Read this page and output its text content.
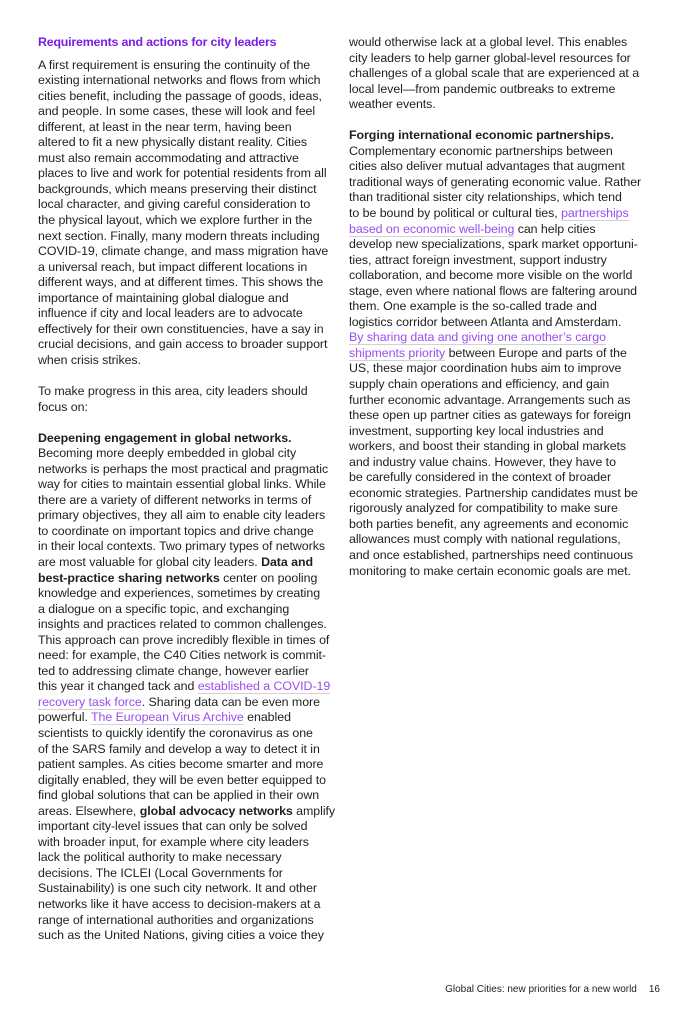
Requirements and actions for city leaders

A first requirement is ensuring the continuity of the
existing international networks and flows from which
cities benefit, including the passage of goods, ideas,
and people. In some cases, these will look and feel
different, at least in the near term, having been
altered to fit a new physically distant reality. Cities
must also remain accommodating and attractive
places to live and work for potential residents from all
backgrounds, which means preserving their distinct
local character, and giving careful consideration to
the physical layout, which we explore further in the
next section. Finally, many modern threats including
COVID-19, climate change, and mass migration have
a universal reach, but impact different locations in
different ways, and at different times. This shows the
importance of maintaining global dialogue and
influence if city and local leaders are to advocate
effectively for their own constituencies, have a say in
crucial decisions, and gain access to broader support
when crisis strikes.

To make progress in this area, city leaders should
focus on:

Deepening engagement in global networks.
Becoming more deeply embedded in global city
networks is perhaps the most practical and pragmatic
way for cities to maintain essential global links. While
there are a variety of different networks in terms of
primary objectives, they all aim to enable city leaders
to coordinate on important topics and drive change
in their local contexts. Two primary types of networks
are most valuable for global city leaders. Data and
best-practice sharing networks center on pooling
knowledge and experiences, sometimes by creating
a dialogue on a specific topic, and exchanging
insights and practices related to common challenges.
This approach can prove incredibly flexible in times of
need: for example, the C40 Cities network is commit-
ted to addressing climate change, however earlier
this year it changed tack and established a COVID-19
recovery task force. Sharing data can be even more
powerful. The European Virus Archive enabled
scientists to quickly identify the coronavirus as one
of the SARS family and develop a way to detect it in
patient samples. As cities become smarter and more
digitally enabled, they will be even better equipped to
find global solutions that can be applied in their own
areas. Elsewhere, global advocacy networks amplify
important city-level issues that can only be solved
with broader input, for example where city leaders
lack the political authority to make necessary
decisions. The ICLEI (Local Governments for
Sustainability) is one such city network. It and other
networks like it have access to decision-makers at a
range of international authorities and organizations
such as the United Nations, giving cities a voice they

would otherwise lack at a global level. This enables
city leaders to help garner global-level resources for
challenges of a global scale that are experienced at a
local level—from pandemic outbreaks to extreme
weather events.

Forging international economic partnerships.
Complementary economic partnerships between
cities also deliver mutual advantages that augment
traditional ways of generating economic value. Rather
than traditional sister city relationships, which tend
to be bound by political or cultural ties, partnerships
based on economic well-being can help cities
develop new specializations, spark market opportuni-
ties, attract foreign investment, support industry
collaboration, and become more visible on the world
stage, even where national flows are faltering around
them. One example is the so-called trade and
logistics corridor between Atlanta and Amsterdam.
By sharing data and giving one another’s cargo
shipments priority between Europe and parts of the
US, these major coordination hubs aim to improve
supply chain operations and efficiency, and gain
further economic advantage. Arrangements such as
these open up partner cities as gateways for foreign
investment, supporting key local industries and
workers, and boost their standing in global markets
and industry value chains. However, they have to
be carefully considered in the context of broader
economic strategies. Partnership candidates must be
rigorously analyzed for compatibility to make sure
both parties benefit, any agreements and economic
allowances must comply with national regulations,
and once established, partnerships need continuous
monitoring to make certain economic goals are met.

Global Cities: new priorities for a new world 16
